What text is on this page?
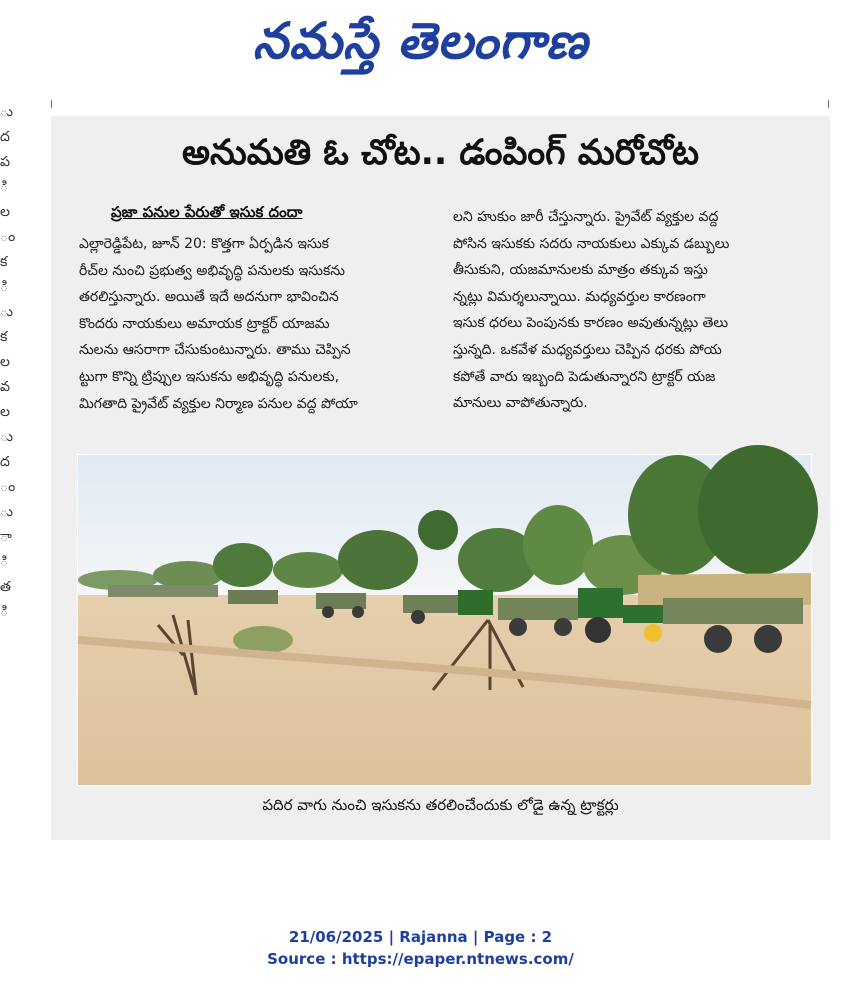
నమస్తే తెలంగాణ
ు
ద
ప
ి
ల
ం
క
ి
ు
క
ల
వ
ల
ు
ద
ం
ు
ా
ి
త
ి
అనుమతి ఓ చోట.. డంపింగ్ మరోచోట
ప్రజా పనుల పేరుతో ఇసుక దందా
ఎల్లారెడ్డిపేట, జూన్ 20: కొత్తగా ఏర్పడిన ఇసుక
రీచ్‌ల నుంచి ప్రభుత్వ అభివృద్ధి పనులకు ఇసుకను
తరలిస్తున్నారు. అయితే ఇదే అదనుగా భావించిన
కొందరు నాయకులు అమాయక ట్రాక్టర్ యాజమ
నులను ఆసరాగా చేసుకుంటున్నారు. తాము చెప్పిన
ట్టుగా కొన్ని ట్రిప్పుల ఇసుకను అభివృద్ధి పనులకు,
మిగతాది ప్రైవేట్ వ్యక్తుల నిర్మాణ పనుల వద్ద పోయా
లని హుకుం జారీ చేస్తున్నారు. ప్రైవేట్ వ్యక్తుల వద్ద
పోసిన ఇసుకకు సదరు నాయకులు ఎక్కువ డబ్బులు
తీసుకుని, యజమానులకు మాత్రం తక్కువ ఇస్తు
న్నట్లు విమర్శలున్నాయి. మధ్యవర్తుల కారణంగా
ఇసుక ధరలు పెంపునకు కారణం అవుతున్నట్లు తెలు
స్తున్నది. ఒకవేళ మధ్యవర్తులు చెప్పిన ధరకు పోయ
కపోతే వారు ఇబ్బంది పెడుతున్నారని ట్రాక్టర్ యజ
మానులు వాపోతున్నారు.
పదిర వాగు నుంచి ఇసుకను తరలించేందుకు లోడై ఉన్న ట్రాక్టర్లు
21/06/2025 | Rajanna | Page : 2
Source : https://epaper.ntnews.com/
